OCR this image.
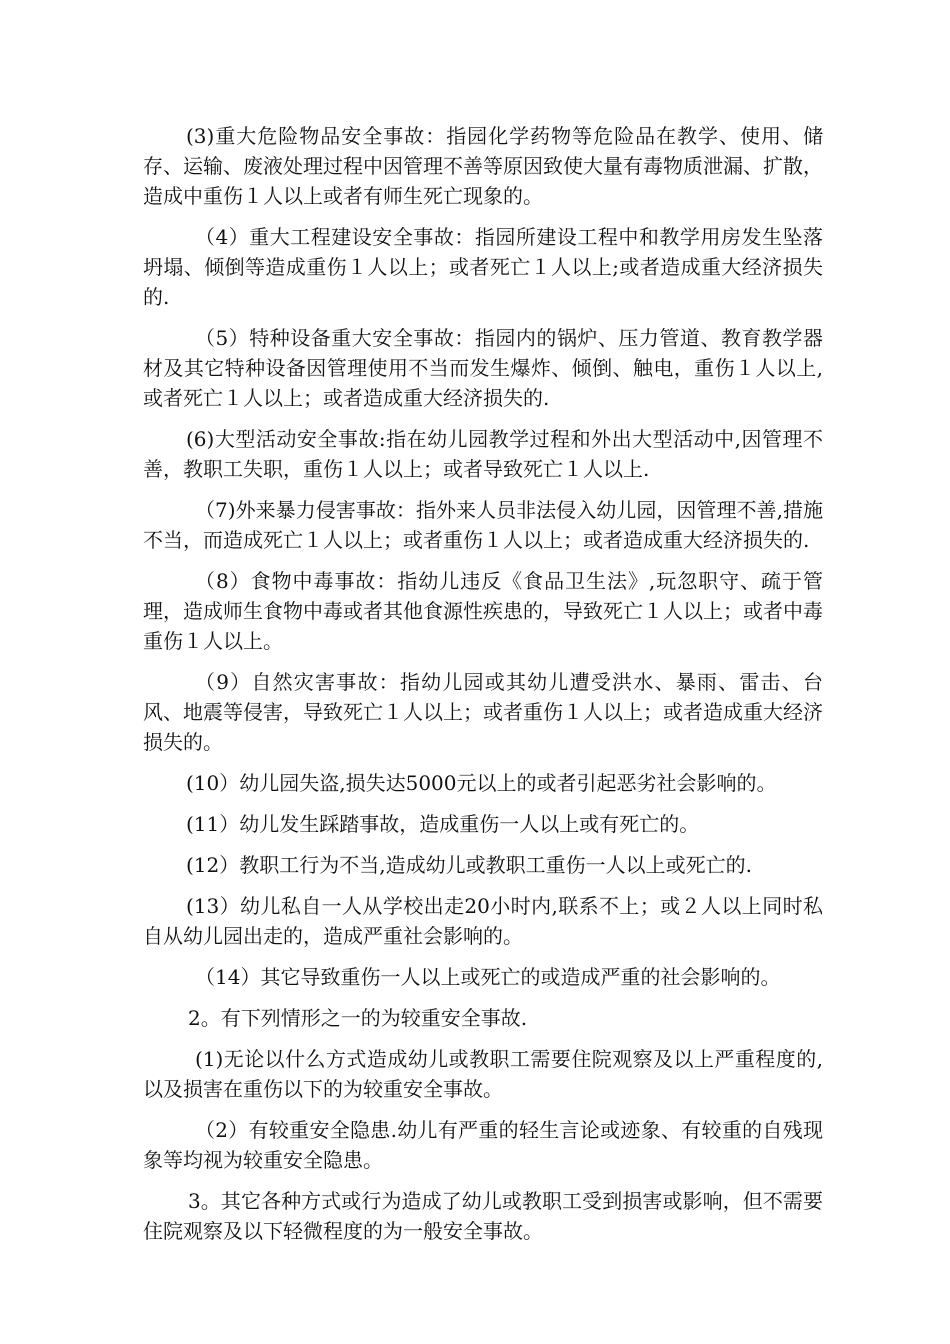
(3)重大危险物品安全事故：指园化学药物等危险品在教学、使用、储存、运输、废液处理过程中因管理不善等原因致使大量有毒物质泄漏、扩散，造成中重伤１人以上或者有师生死亡现象的。

（4）重大工程建设安全事故：指园所建设工程中和教学用房发生坠落坍塌、倾倒等造成重伤１人以上；或者死亡１人以上;或者造成重大经济损失的.

（5）特种设备重大安全事故：指园内的锅炉、压力管道、教育教学器材及其它特种设备因管理使用不当而发生爆炸、倾倒、触电，重伤１人以上,或者死亡１人以上；或者造成重大经济损失的.

(6)大型活动安全事故:指在幼儿园教学过程和外出大型活动中,因管理不善，教职工失职，重伤１人以上；或者导致死亡１人以上.

（7)外来暴力侵害事故：指外来人员非法侵入幼儿园，因管理不善,措施不当，而造成死亡１人以上；或者重伤１人以上；或者造成重大经济损失的.

（8）食物中毒事故：指幼儿违反《食品卫生法》,玩忽职守、疏于管理，造成师生食物中毒或者其他食源性疾患的，导致死亡１人以上；或者中毒重伤１人以上。

（9）自然灾害事故：指幼儿园或其幼儿遭受洪水、暴雨、雷击、台风、地震等侵害，导致死亡１人以上；或者重伤１人以上；或者造成重大经济损失的。

(10）幼儿园失盗,损失达5000元以上的或者引起恶劣社会影响的。

(11）幼儿发生踩踏事故，造成重伤一人以上或有死亡的。

(12）教职工行为不当,造成幼儿或教职工重伤一人以上或死亡的.

(13）幼儿私自一人从学校出走20小时内,联系不上；或２人以上同时私自从幼儿园出走的，造成严重社会影响的。

（14）其它导致重伤一人以上或死亡的或造成严重的社会影响的。

2。有下列情形之一的为较重安全事故.

(1)无论以什么方式造成幼儿或教职工需要住院观察及以上严重程度的,以及损害在重伤以下的为较重安全事故。

（2）有较重安全隐患.幼儿有严重的轻生言论或迹象、有较重的自残现象等均视为较重安全隐患。

3。其它各种方式或行为造成了幼儿或教职工受到损害或影响，但不需要住院观察及以下轻微程度的为一般安全事故。
